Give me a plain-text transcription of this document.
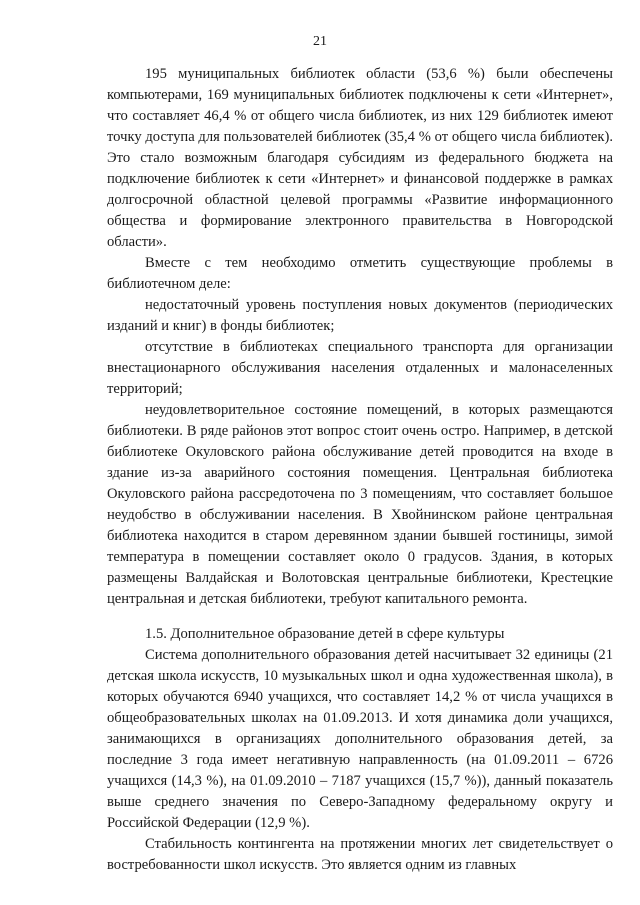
21

195 муниципальных библиотек области (53,6 %) были обеспечены компьютерами, 169 муниципальных библиотек подключены к сети «Интернет», что составляет 46,4 % от общего числа библиотек, из них 129 библиотек имеют точку доступа для пользователей библиотек (35,4 % от общего числа библиотек). Это стало возможным благодаря субсидиям из федерального бюджета на подключение библиотек к сети «Интернет» и финансовой поддержке в рамках долгосрочной областной целевой программы «Развитие информационного общества и формирование электронного правительства в Новгородской области».

Вместе с тем необходимо отметить существующие проблемы в библиотечном деле:

недостаточный уровень поступления новых документов (периодических изданий и книг) в фонды библиотек;

отсутствие в библиотеках специального транспорта для организации внестационарного обслуживания населения отдаленных и малонаселенных территорий;

неудовлетворительное состояние помещений, в которых размещаются библиотеки. В ряде районов этот вопрос стоит очень остро. Например, в детской библиотеке Окуловского района обслуживание детей проводится на входе в здание из-за аварийного состояния помещения. Центральная библиотека Окуловского района рассредоточена по 3 помещениям, что составляет большое неудобство в обслуживании населения. В Хвойнинском районе центральная библиотека находится в старом деревянном здании бывшей гостиницы, зимой температура в помещении составляет около 0 градусов. Здания, в которых размещены Валдайская и Волотовская центральные библиотеки, Крестецкие центральная и детская библиотеки, требуют капитального ремонта.

1.5. Дополнительное образование детей в сфере культуры

Система дополнительного образования детей насчитывает 32 единицы (21 детская школа искусств, 10 музыкальных школ и одна художественная школа), в которых обучаются 6940 учащихся, что составляет 14,2 % от числа учащихся в общеобразовательных школах на 01.09.2013. И хотя динамика доли учащихся, занимающихся в организациях дополнительного образования детей, за последние 3 года имеет негативную направленность (на 01.09.2011 – 6726 учащихся (14,3 %), на 01.09.2010 – 7187 учащихся (15,7 %)), данный показатель выше среднего значения по Северо-Западному федеральному округу и Российской Федерации (12,9 %).

Стабильность контингента на протяжении многих лет свидетельствует о востребованности школ искусств. Это является одним из главных
